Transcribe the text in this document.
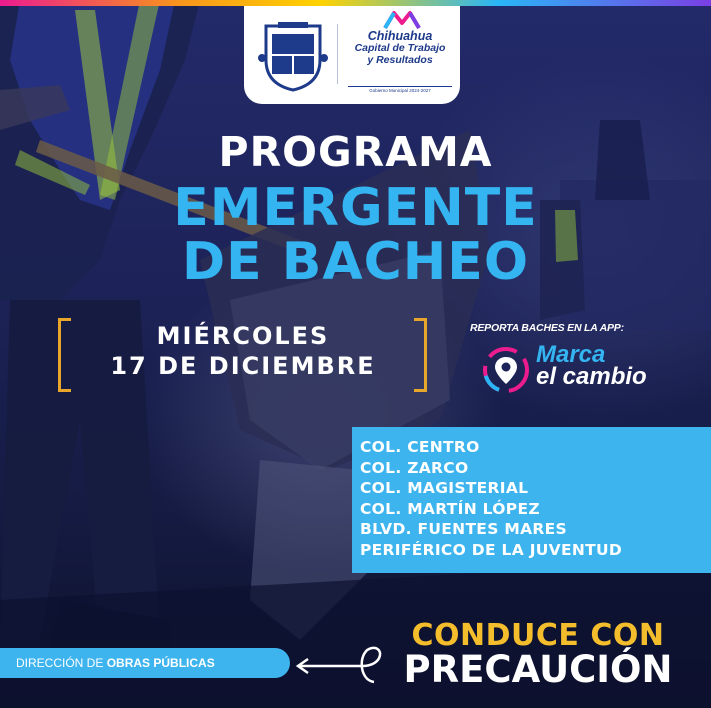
Chihuahua
Capital de Trabajo
y Resultados
Gobierno Municipal 2024-2027
PROGRAMA
EMERGENTE
DE BACHEO
MIÉRCOLES
17 DE DICIEMBRE
REPORTA BACHES EN LA APP:
Marca
el cambio
COL. CENTRO
COL. ZARCO
COL. MAGISTERIAL
COL. MARTÍN LÓPEZ
BLVD. FUENTES MARES
PERIFÉRICO DE LA JUVENTUD
DIRECCIÓN DE OBRAS PÚBLICAS
CONDUCE CON
PRECAUCIÓN
